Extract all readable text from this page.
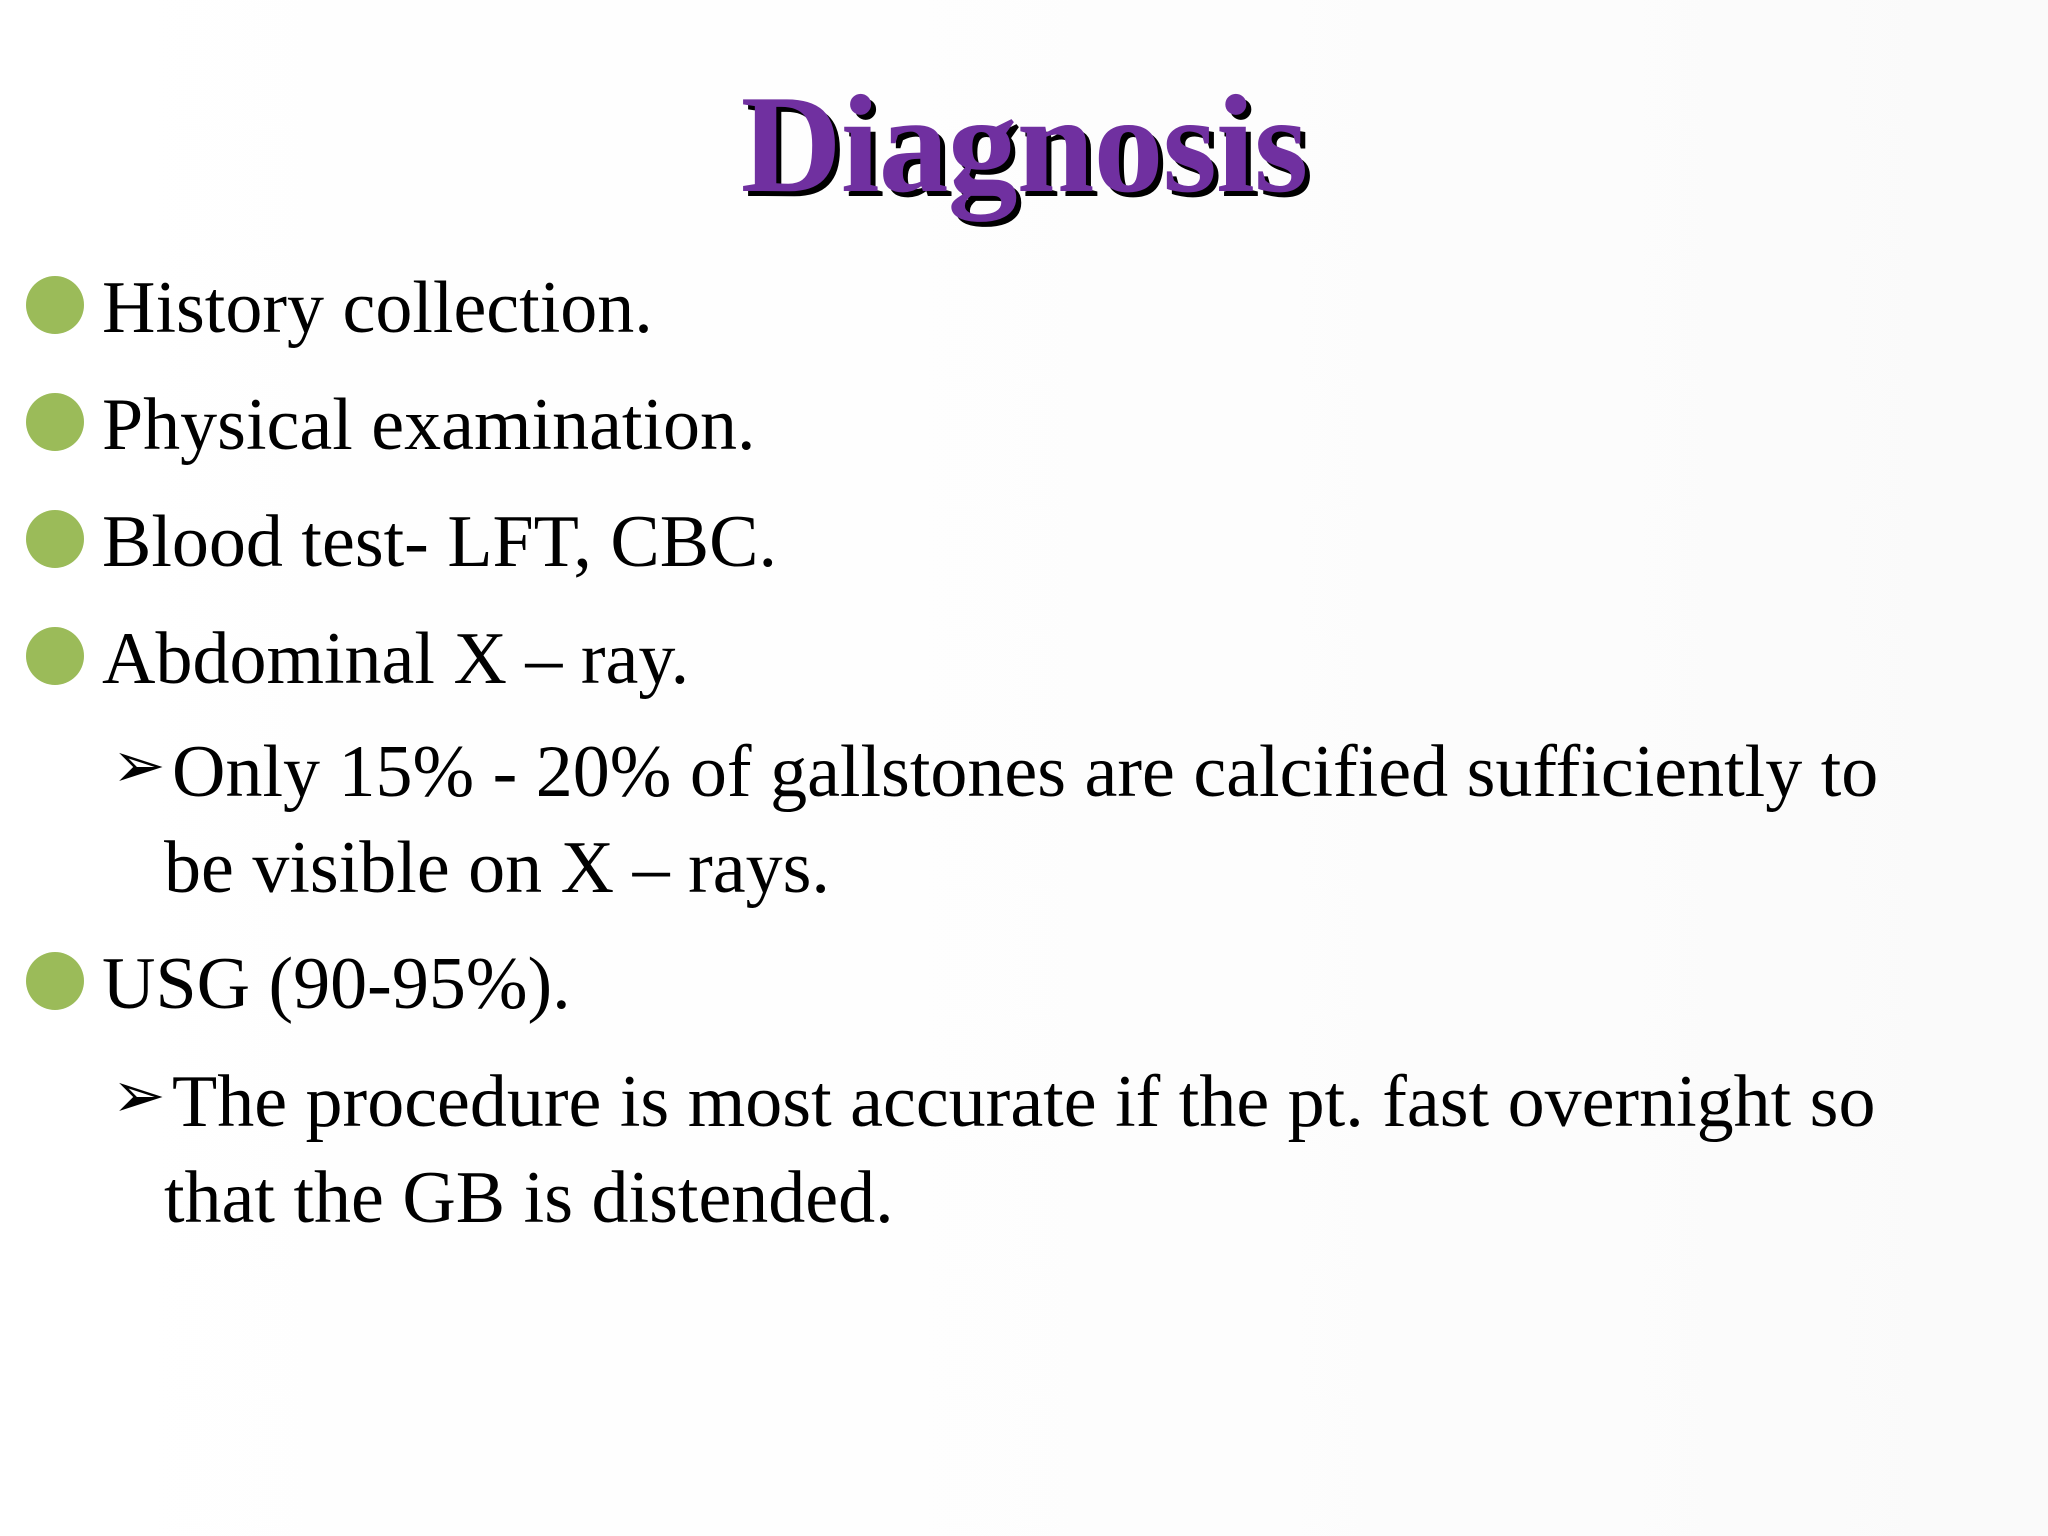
Diagnosis
History collection.
Physical examination.
Blood test- LFT, CBC.
Abdominal X – ray.
➢ Only 15% - 20% of gallstones are calcified sufficiently to
be visible on X – rays.
USG (90-95%).
➢ The procedure is most accurate if the pt. fast overnight so
that the GB is distended.
